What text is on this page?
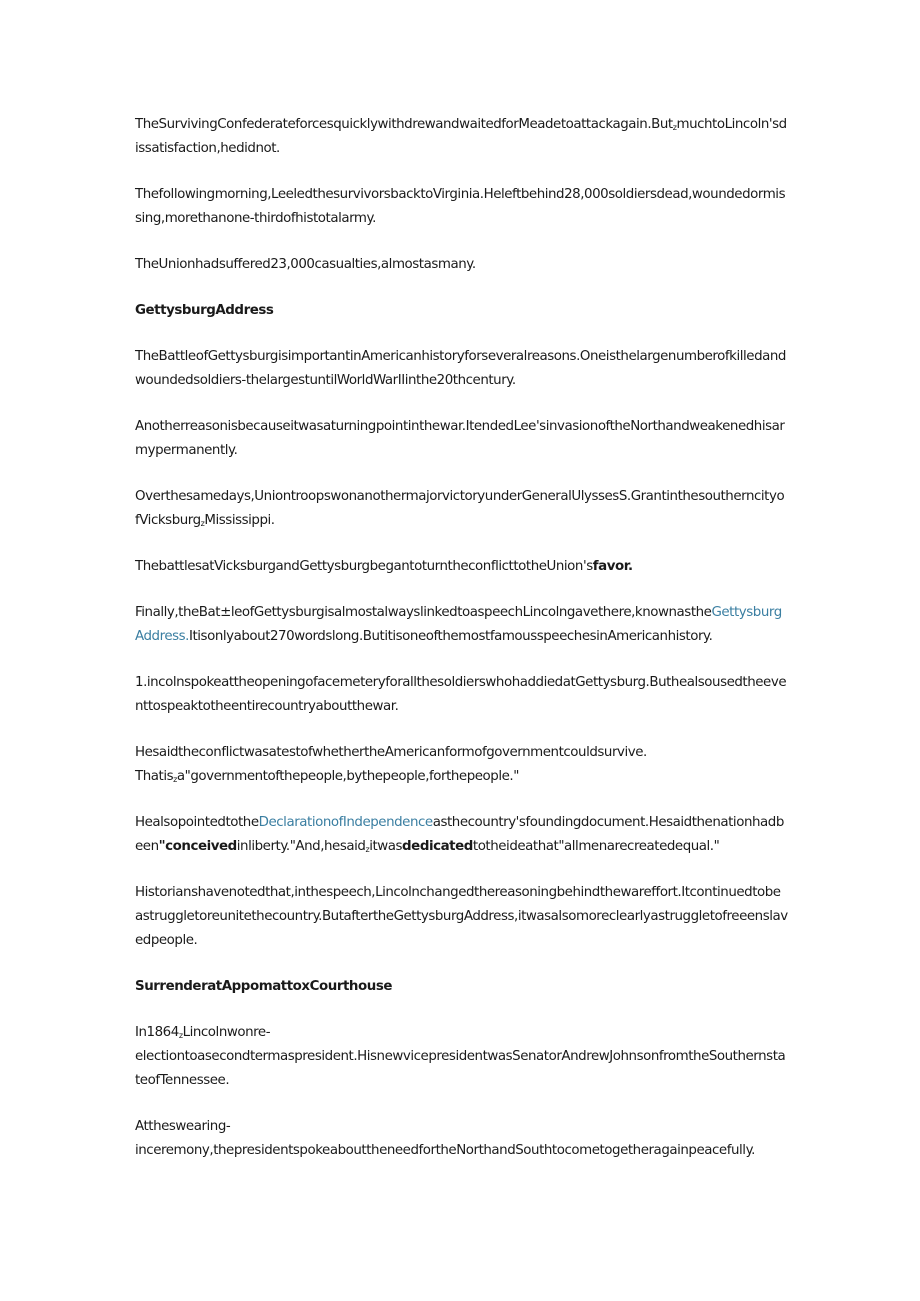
TheSurvivingConfederateforcesquicklywithdrewandwaitedforMeadetoattackagain.But$_z$muchtoLincoln'sdissatisfaction,hedidnot.

Thefollowingmorning,LeeledthesurvivorsbacktoVirginia.Heleftbehind28,000soldiersdead,woundedormissing,morethanone-thirdofhistotalarmy.

TheUnionhadsuffered23,000casualties,almostasmany.

GettysburgAddress

TheBattleofGettysburgisimportantinAmericanhistoryforseveralreasons.Oneisthelargenumberofkilledandwoundedsoldiers-thelargestuntilWorldWarIIinthe20thcentury.

Anotherreasonisbecauseitwasaturningpointinthewar.ItendedLee'sinvasionoftheNorthandweakenedhisarmypermanently.

Overthesamedays,UniontroopswonanothermajorvictoryunderGeneralUlyssesS.GrantinthesoutherncityofVicksburg$_z$Mississippi.

ThebattlesatVicksburgandGettysburgbegantoturntheconflicttotheUnion'sfavor.

Finally,theBat±leofGettysburgisalmostalwayslinkedtoaspeechLincolngavethere,knownastheGettysburgAddress.Itisonlyabout270wordslong.ButitisoneofthemostfamousspeechesinAmericanhistory.

1.incolnspokeattheopeningofacemeteryforallthesoldierswhohaddiedatGettysburg.Buthealsousedtheeventtospeaktotheentirecountryaboutthewar.

HesaidtheconflictwasatestofwhethertheAmericanformofgovernmentcouldsurvive.
Thatis$_z$a"governmentofthepeople,bythepeople,forthepeople."

HealsopointedtotheDeclarationofIndependenceasthecountry'sfoundingdocument.Hesaidthenationhadbeen"conceivedinliberty."And,hesaid$_z$itwasdedicatedtotheideathat"allmenarecreatedequal."

Historianshavenotedthat,inthespeech,Lincolnchangedthereasoningbehindthewareffort.Itcontinuedtobeastruggletoreunitethecountry.ButaftertheGettysburgAddress,itwasalsomoreclearlyastruggletofreeenslavedpeople.

SurrenderatAppomattoxCourthouse

$In1864_zLincolnwonre-$
electiontoasecondtermaspresident.HisnewvicepresidentwasSenatorAndrewJohnsonfromtheSouthernstateofTennessee.

Attheswearing-
inceremony,thepresidentspokeabouttheneedfortheNorthandSouthtocometogetheragainpeacefully.
